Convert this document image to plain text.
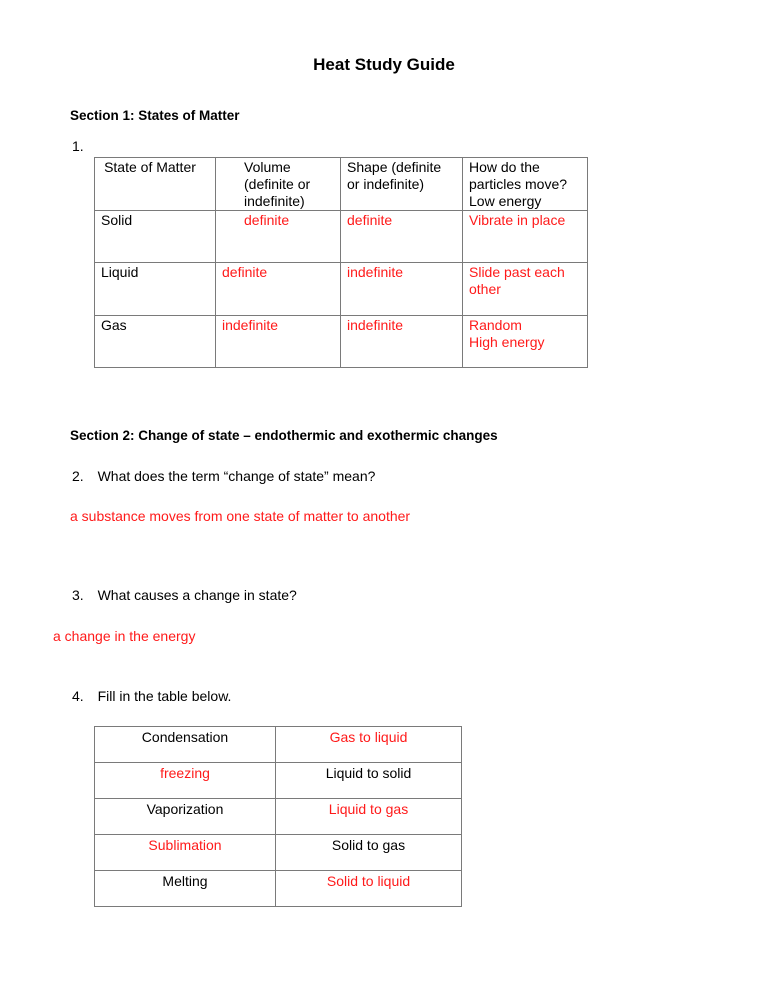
Heat Study Guide
Section 1: States of Matter
1.
State of Matter	Volume (definite or indefinite)	Shape (definite or indefinite)	How do the particles move?
Low energy
Solid	definite	definite	Vibrate in place
Liquid	definite	indefinite	Slide past each other
Gas	indefinite	indefinite	Random
High energy
Section 2: Change of state – endothermic and exothermic changes
2. What does the term “change of state” mean?
a substance moves from one state of matter to another
3. What causes a change in state?
a change in the energy
4. Fill in the table below.
Condensation	Gas to liquid
freezing	Liquid to solid
Vaporization	Liquid to gas
Sublimation	Solid to gas
Melting	Solid to liquid
